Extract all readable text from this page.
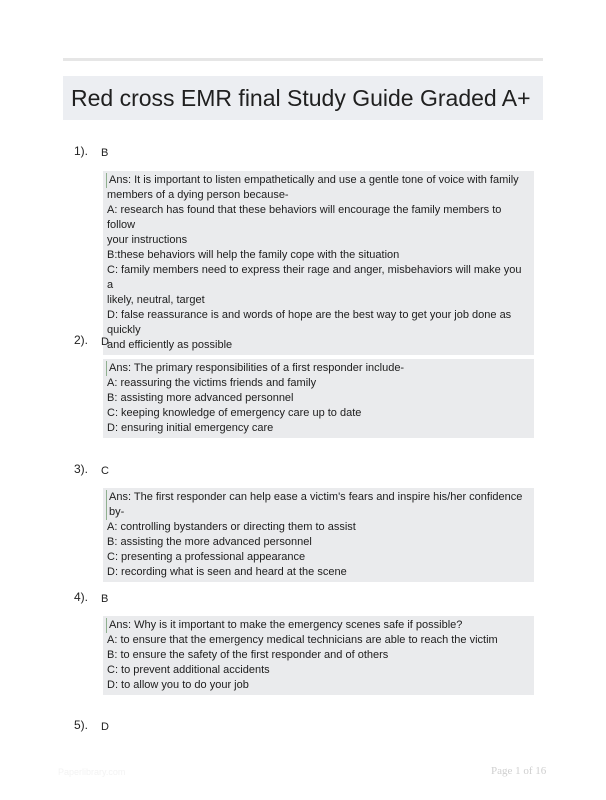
Red cross EMR final Study Guide Graded A+
1). B
Ans: It is important to listen empathetically and use a gentle tone of voice with family
members of a dying person because-
A: research has found that these behaviors will encourage the family members to follow
your instructions
B:these behaviors will help the family cope with the situation
C: family members need to express their rage and anger, misbehaviors will make you a
likely, neutral, target
D: false reassurance is and words of hope are the best way to get your job done as quickly
and efficiently as possible
2). D
Ans: The primary responsibilities of a first responder include-
A: reassuring the victims friends and family
B: assisting more advanced personnel
C: keeping knowledge of emergency care up to date
D: ensuring initial emergency care
3). C
Ans: The first responder can help ease a victim's fears and inspire his/her confidence by-
A: controlling bystanders or directing them to assist
B: assisting the more advanced personnel
C: presenting a professional appearance
D: recording what is seen and heard at the scene
4). B
Ans: Why is it important to make the emergency scenes safe if possible?
A: to ensure that the emergency medical technicians are able to reach the victim
B: to ensure the safety of the first responder and of others
C: to prevent additional accidents
D: to allow you to do your job
5). D
Paperlibrary.com	Page 1 of 16
